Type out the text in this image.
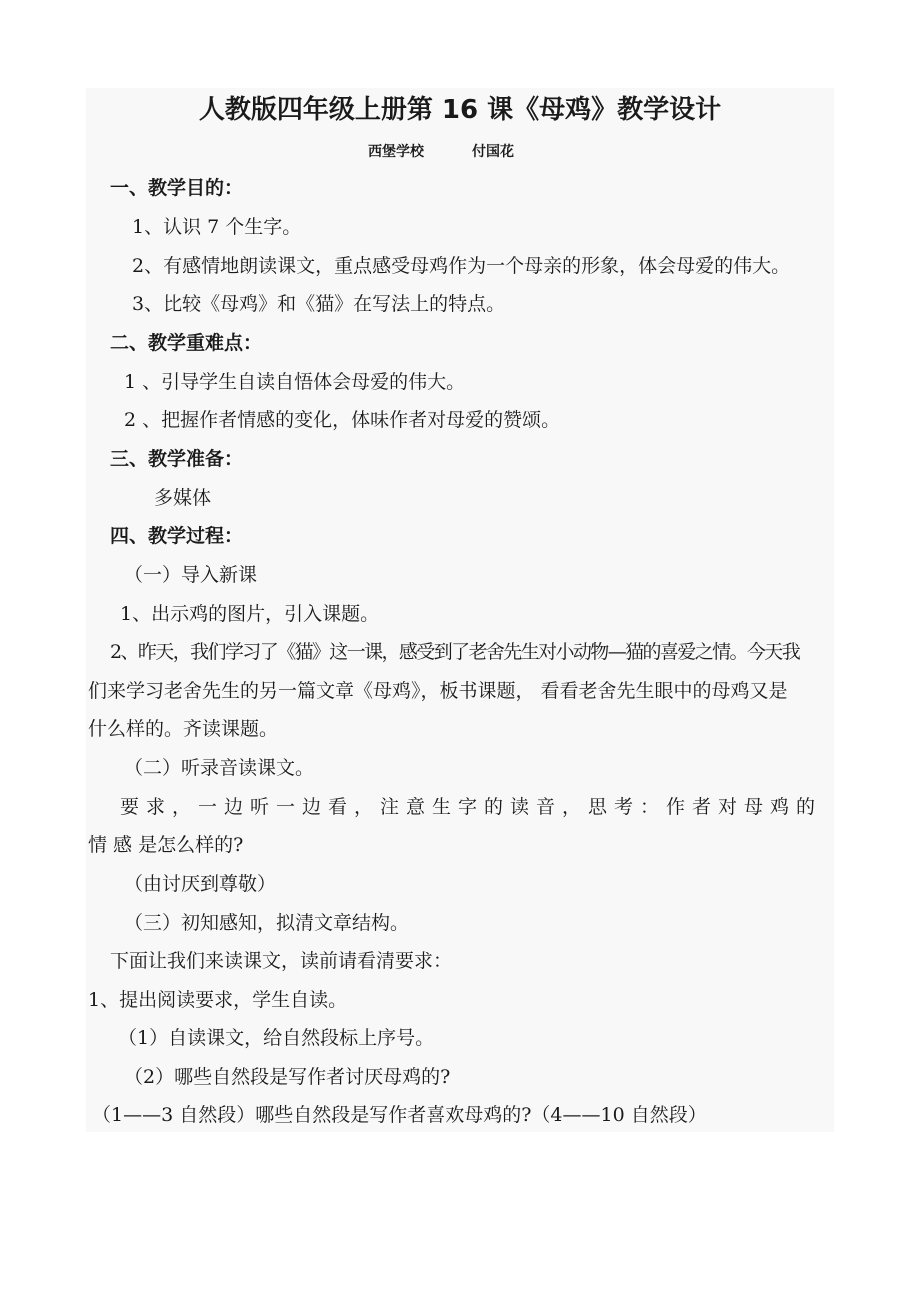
人教版四年级上册第 16 课《母鸡》教学设计
西堡学校	付国花
一、教学目的：
1、认识 7 个生字。
2、有感情地朗读课文，重点感受母鸡作为一个母亲的形象，体会母爱的伟大。
3、比较《母鸡》和《猫》在写法上的特点。
二、教学重难点：
1 、引导学生自读自悟体会母爱的伟大。
2 、把握作者情感的变化，体味作者对母爱的赞颂。
三、教学准备：
多媒体
四、教学过程：
（一）导入新课
1、出示鸡的图片，引入课题。
2、昨天，我们学习了《猫》这一课，感受到了老舍先生对小动物—猫的喜爱之情。今天我
们来学习老舍先生的另一篇文章《母鸡》，板书课题， 看看老舍先生眼中的母鸡又是
什么样的。齐读课题。
（二）听录音读课文。
要求，一边听一边看，注意生字的读音，思考：作者对母鸡的
情 感 是怎么样的?
（由讨厌到尊敬）
（三）初知感知，拟清文章结构。
下面让我们来读课文，读前请看清要求：
1、提出阅读要求，学生自读。
（1）自读课文，给自然段标上序号。
（2）哪些自然段是写作者讨厌母鸡的?
（1——3 自然段）哪些自然段是写作者喜欢母鸡的?（4——10 自然段）
